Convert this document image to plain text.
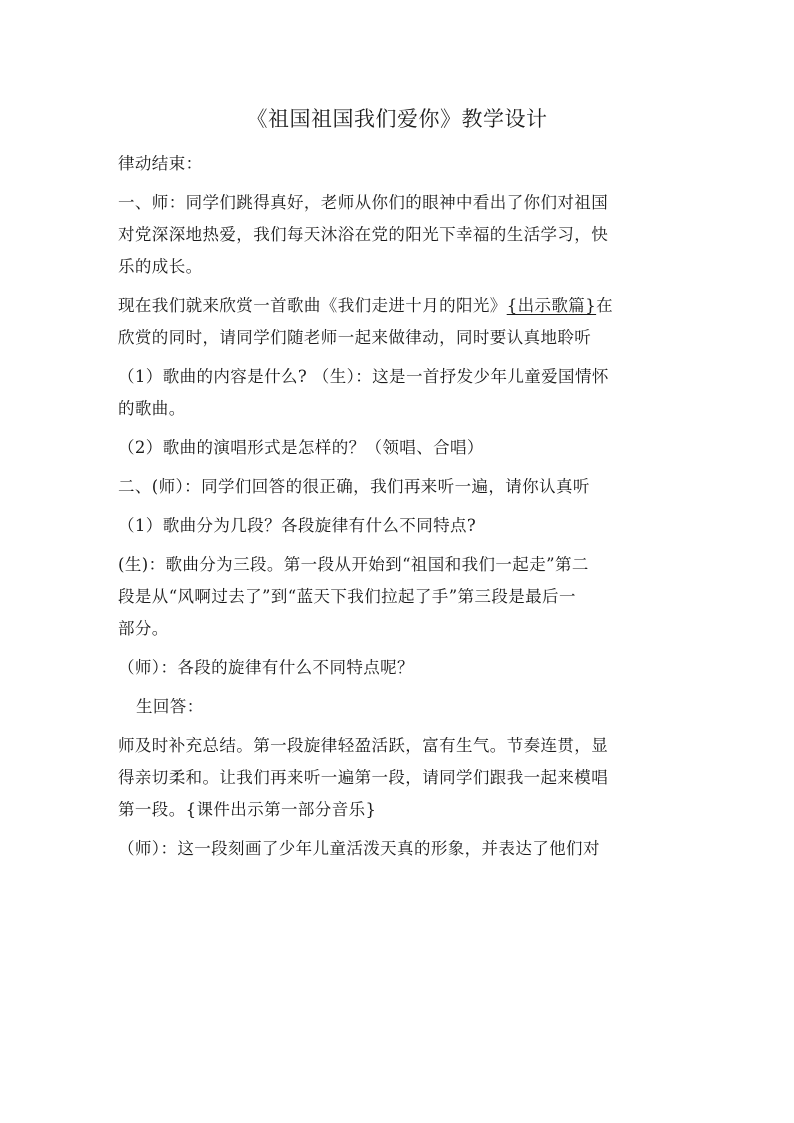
《祖国祖国我们爱你》教学设计

律动结束：

一、师：同学们跳得真好，老师从你们的眼神中看出了你们对祖国
对党深深地热爱，我们每天沐浴在党的阳光下幸福的生活学习，快
乐的成长。

现在我们就来欣赏一首歌曲《我们走进十月的阳光》{出示歌篇}在
欣赏的同时，请同学们随老师一起来做律动，同时要认真地聆听

（1）歌曲的内容是什么? （生）：这是一首抒发少年儿童爱国情怀
的歌曲。

（2）歌曲的演唱形式是怎样的？（领唱、合唱）

二、(师）：同学们回答的很正确，我们再来听一遍，请你认真听

（1）歌曲分为几段？各段旋律有什么不同特点?

(生)：歌曲分为三段。第一段从开始到“祖国和我们一起走”第二
段是从“风啊过去了”到“蓝天下我们拉起了手”第三段是最后一
部分。

（师）：各段的旋律有什么不同特点呢？

生回答：

师及时补充总结。第一段旋律轻盈活跃，富有生气。节奏连贯，显
得亲切柔和。让我们再来听一遍第一段，请同学们跟我一起来模唱
第一段。{课件出示第一部分音乐}

（师）：这一段刻画了少年儿童活泼天真的形象，并表达了他们对
